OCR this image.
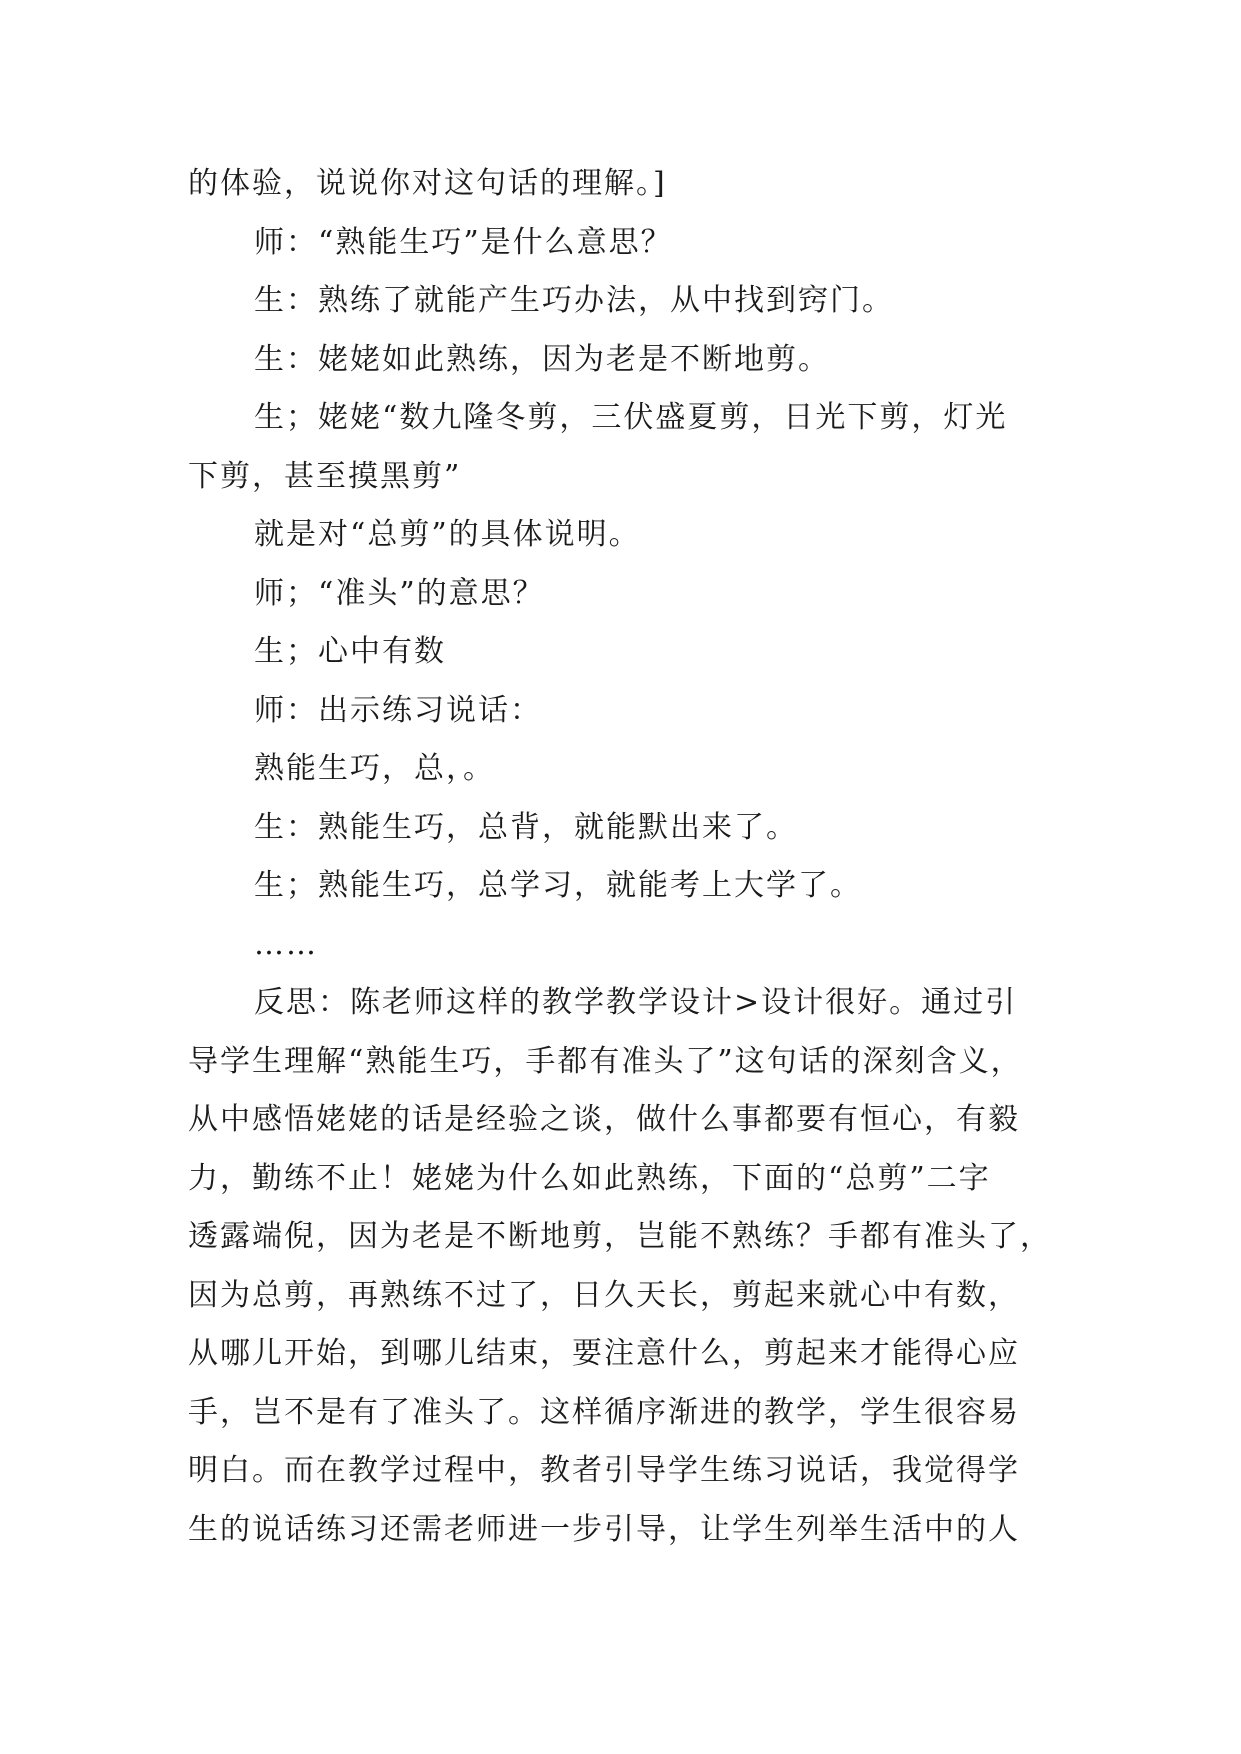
的体验，说说你对这句话的理解。]
师：“熟能生巧”是什么意思？
生：熟练了就能产生巧办法，从中找到窍门。
生：姥姥如此熟练，因为老是不断地剪。
生；姥姥“数九隆冬剪，三伏盛夏剪，日光下剪，灯光
下剪，甚至摸黑剪”
就是对“总剪”的具体说明。
师；“准头”的意思？
生；心中有数
师：出示练习说话：
熟能生巧，总，。
生：熟能生巧，总背，就能默出来了。
生；熟能生巧，总学习，就能考上大学了。
……
反思：陈老师这样的教学教学设计>设计很好。通过引
导学生理解“熟能生巧，手都有准头了”这句话的深刻含义，
从中感悟姥姥的话是经验之谈，做什么事都要有恒心，有毅
力，勤练不止！姥姥为什么如此熟练，下面的“总剪”二字
透露端倪，因为老是不断地剪，岂能不熟练？手都有准头了，
因为总剪，再熟练不过了，日久天长，剪起来就心中有数，
从哪儿开始，到哪儿结束，要注意什么，剪起来才能得心应
手，岂不是有了准头了。这样循序渐进的教学，学生很容易
明白。而在教学过程中，教者引导学生练习说话，我觉得学
生的说话练习还需老师进一步引导，让学生列举生活中的人
